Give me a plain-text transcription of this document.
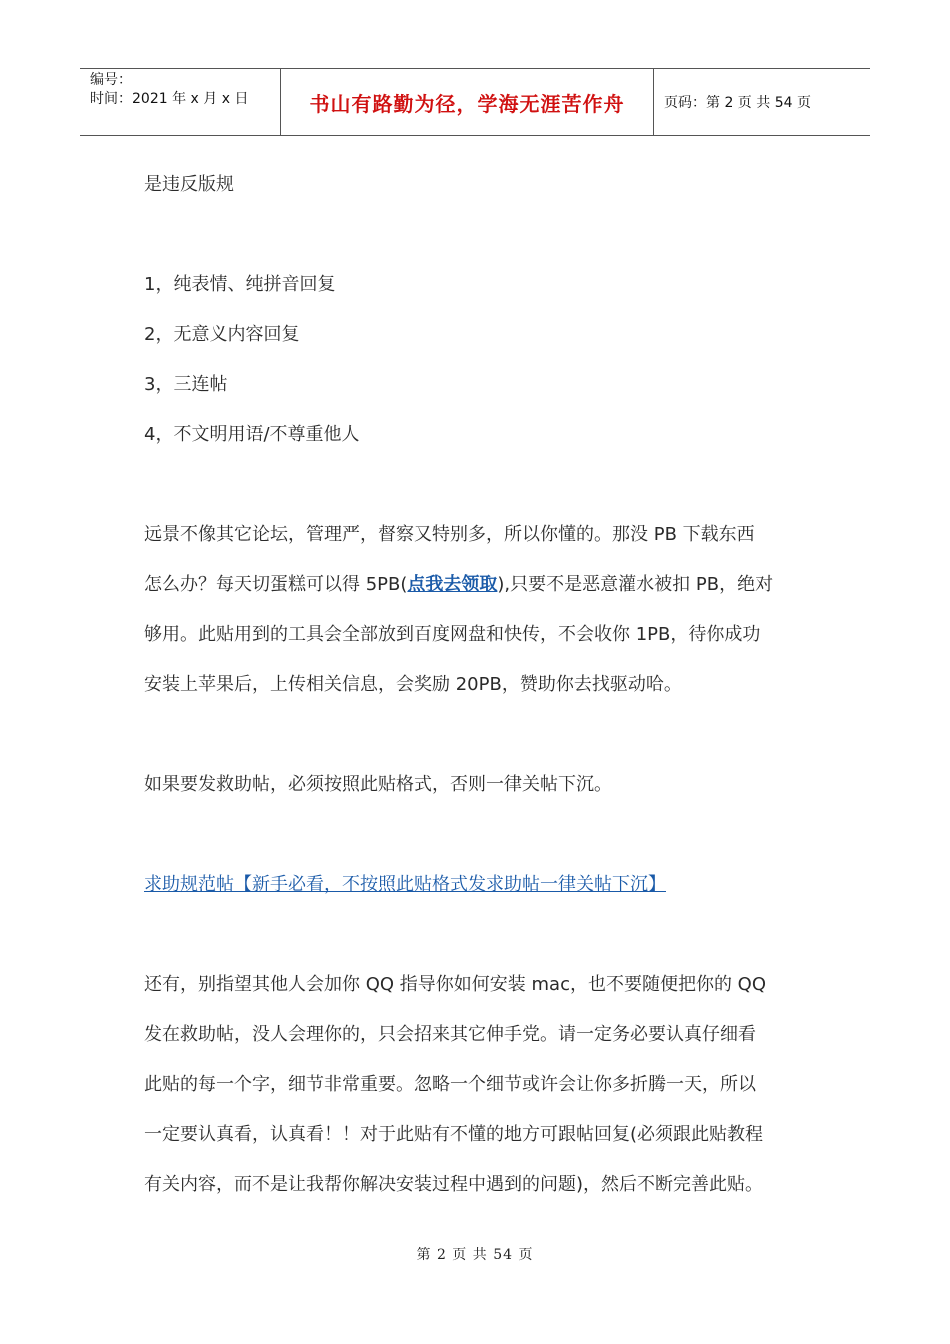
编号：
时间：2021 年 x 月 x 日	书山有路勤为径，学海无涯苦作舟	页码：第 2 页 共 54 页

是违反版规

1，纯表情、纯拼音回复

2，无意义内容回复

3，三连帖

4，不文明用语/不尊重他人

远景不像其它论坛，管理严，督察又特别多，所以你懂的。那没 PB 下载东西

怎么办？每天切蛋糕可以得 5PB(点我去领取),只要不是恶意灌水被扣 PB，绝对

够用。此贴用到的工具会全部放到百度网盘和快传，不会收你 1PB，待你成功

安装上苹果后，上传相关信息，会奖励 20PB，赞助你去找驱动哈。

如果要发救助帖，必须按照此贴格式，否则一律关帖下沉。

求助规范帖【新手必看，不按照此贴格式发求助帖一律关帖下沉】

还有，别指望其他人会加你 QQ 指导你如何安装 mac，也不要随便把你的 QQ

发在救助帖，没人会理你的，只会招来其它伸手党。请一定务必要认真仔细看

此贴的每一个字，细节非常重要。忽略一个细节或许会让你多折腾一天，所以

一定要认真看，认真看！！对于此贴有不懂的地方可跟帖回复(必须跟此贴教程

有关内容，而不是让我帮你解决安装过程中遇到的问题)，然后不断完善此贴。

第 2 页 共 54 页
